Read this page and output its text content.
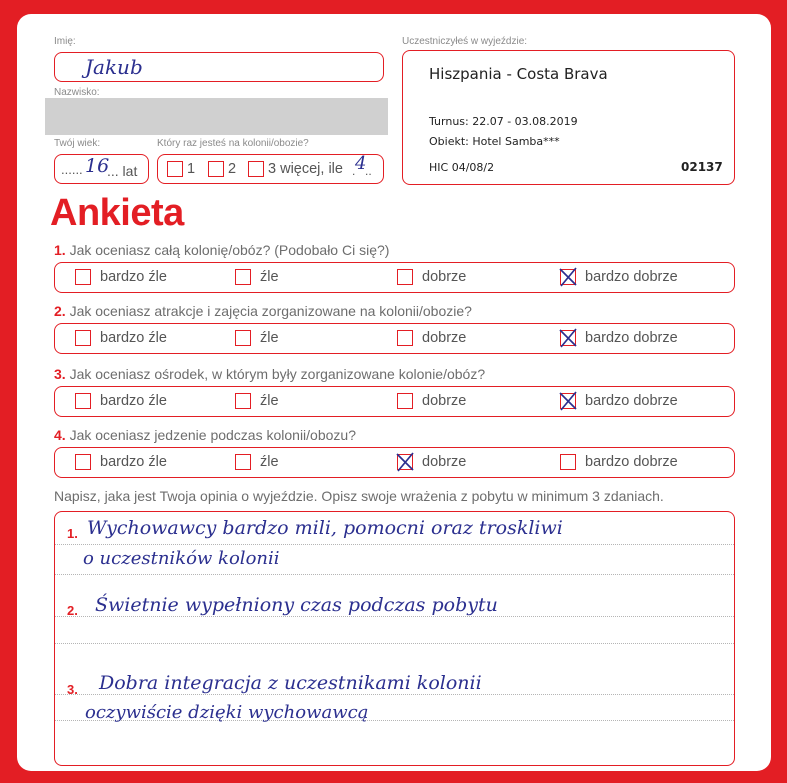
Imię:
Jakub
Nazwisko:
Twój wiek:
...... 16
... lat
Który raz jesteś na kolonii/obozie?
1 2 3 więcej, ile . 4
..
Uczestniczyłeś w wyjeździe:
Hiszpania - Costa Brava
Turnus: 22.07 - 03.08.2019
Obiekt: Hotel Samba***
HIC 04/08/2	02137
Ankieta
1. Jak oceniasz całą kolonię/obóz? (Podobało Ci się?)
bardzo źle	źle	dobrze	bardzo dobrze
2. Jak oceniasz atrakcje i zajęcia zorganizowane na kolonii/obozie?
bardzo źle	źle	dobrze	bardzo dobrze
3. Jak oceniasz ośrodek, w którym były zorganizowane kolonie/obóz?
bardzo źle	źle	dobrze	bardzo dobrze
4. Jak oceniasz jedzenie podczas kolonii/obozu?
bardzo źle	źle	dobrze	bardzo dobrze
Napisz, jaka jest Twoja opinia o wyjeździe. Opisz swoje wrażenia z pobytu w minimum 3 zdaniach.
1. Wychowawcy bardzo mili, pomocni oraz troskliwi
o uczestników kolonii
2. Świetnie wypełniony czas podczas pobytu
3. Dobra integracja z uczestnikami kolonii
oczywiście dzięki wychowawcą
